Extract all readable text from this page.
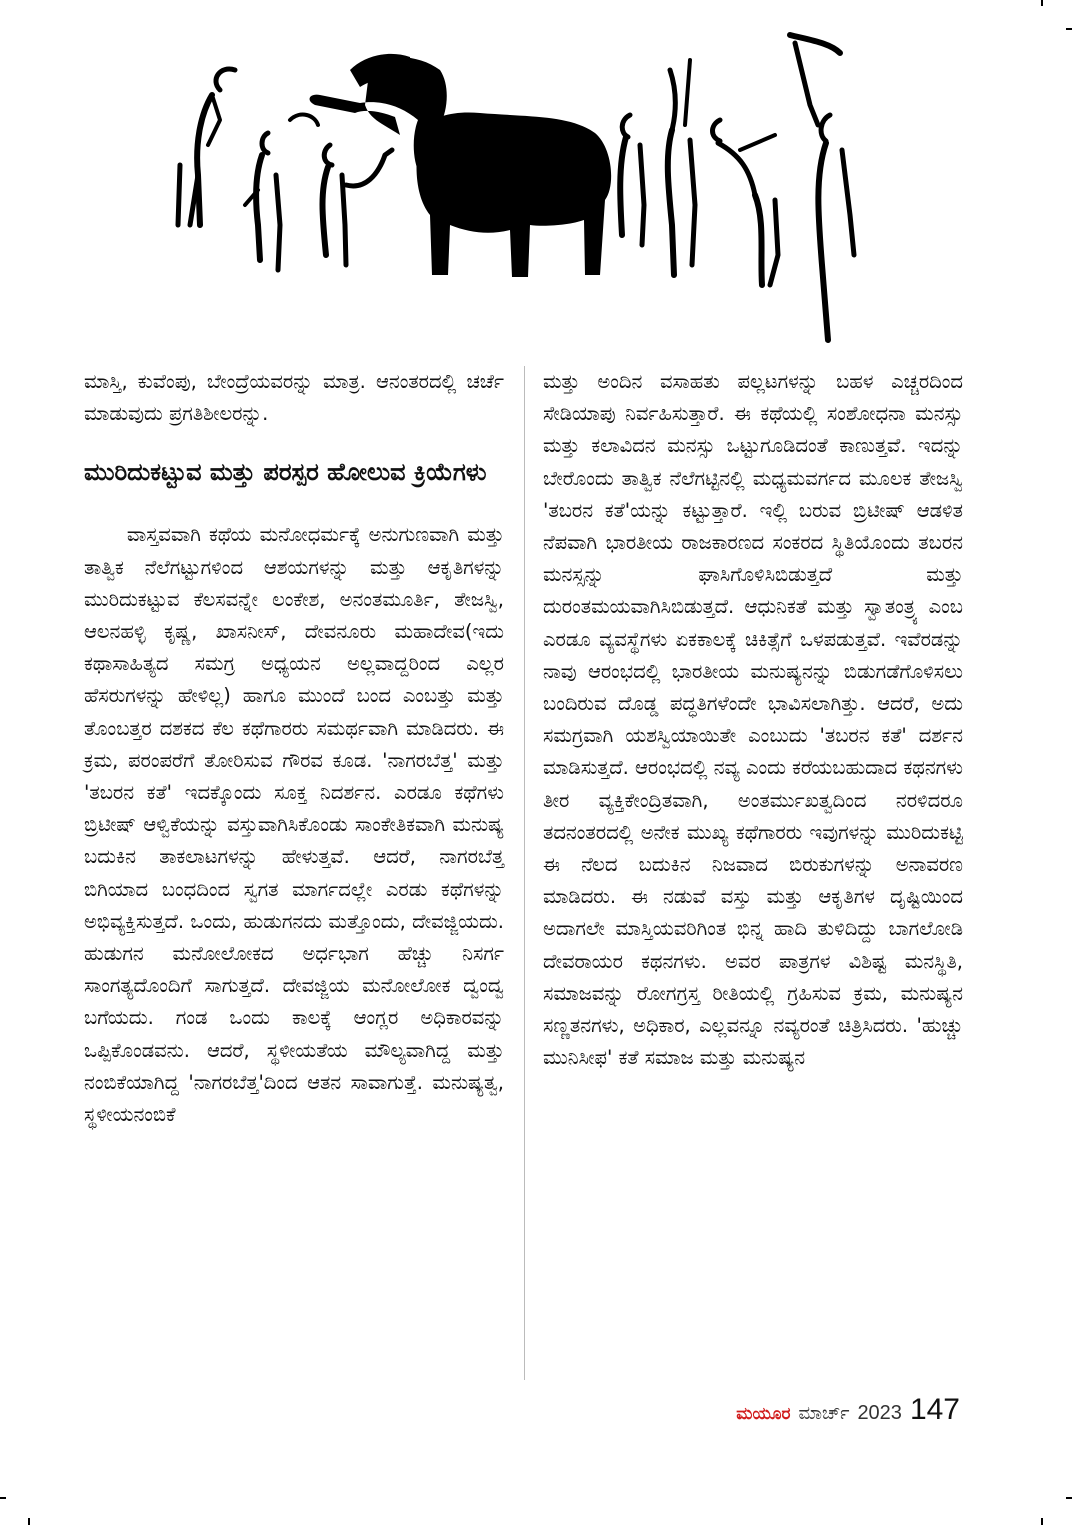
ಮಾಸ್ತಿ, ಕುವೆಂಪು, ಬೇಂದ್ರೆಯವರನ್ನು ಮಾತ್ರ. ಆನಂತರದಲ್ಲಿ ಚರ್ಚೆ ಮಾಡುವುದು ಪ್ರಗತಿಶೀಲರನ್ನು.

ಮುರಿದುಕಟ್ಟುವ ಮತ್ತು ಪರಸ್ಪರ ಹೋಲುವ ಕ್ರಿಯೆಗಳು

ವಾಸ್ತವವಾಗಿ ಕಥೆಯ ಮನೋಧರ್ಮಕ್ಕೆ ಅನುಗುಣವಾಗಿ ಮತ್ತು ತಾತ್ವಿಕ ನೆಲೆಗಟ್ಟುಗಳಿಂದ ಆಶಯಗಳನ್ನು ಮತ್ತು ಆಕೃತಿಗಳನ್ನು ಮುರಿದುಕಟ್ಟುವ ಕೆಲಸವನ್ನೇ ಲಂಕೇಶ, ಅನಂತಮೂರ್ತಿ, ತೇಜಸ್ವಿ, ಆಲನಹಳ್ಳಿ ಕೃಷ್ಣ, ಖಾಸನೀಸ್, ದೇವನೂರು ಮಹಾದೇವ(ಇದು ಕಥಾಸಾಹಿತ್ಯದ ಸಮಗ್ರ ಅಧ್ಯಯನ ಅಲ್ಲವಾದ್ದರಿಂದ ಎಲ್ಲರ ಹೆಸರುಗಳನ್ನು ಹೇಳಿಲ್ಲ) ಹಾಗೂ ಮುಂದೆ ಬಂದ ಎಂಬತ್ತು ಮತ್ತು ತೊಂಬತ್ತರ ದಶಕದ ಕೆಲ ಕಥೆಗಾರರು ಸಮರ್ಥವಾಗಿ ಮಾಡಿದರು. ಈ ಕ್ರಮ, ಪರಂಪರೆಗೆ ತೋರಿಸುವ ಗೌರವ ಕೂಡ. 'ನಾಗರಬೆತ್ತ' ಮತ್ತು 'ತಬರನ ಕತೆ' ಇದಕ್ಕೊಂದು ಸೂಕ್ತ ನಿದರ್ಶನ. ಎರಡೂ ಕಥೆಗಳು ಬ್ರಿಟೀಷ್ ಆಳ್ವಿಕೆಯನ್ನು ವಸ್ತುವಾಗಿಸಿಕೊಂಡು ಸಾಂಕೇತಿಕವಾಗಿ ಮನುಷ್ಯ ಬದುಕಿನ ತಾಕಲಾಟಗಳನ್ನು ಹೇಳುತ್ತವೆ. ಆದರೆ, ನಾಗರಬೆತ್ತ ಬಿಗಿಯಾದ ಬಂಧದಿಂದ ಸ್ವಗತ ಮಾರ್ಗದಲ್ಲೇ ಎರಡು ಕಥೆಗಳನ್ನು ಅಭಿವ್ಯಕ್ತಿಸುತ್ತದೆ. ಒಂದು, ಹುಡುಗನದು ಮತ್ತೊಂದು, ದೇವಜ್ಜಿಯದು. ಹುಡುಗನ ಮನೋಲೋಕದ ಅರ್ಧಭಾಗ ಹೆಚ್ಚು ನಿಸರ್ಗ ಸಾಂಗತ್ಯದೊಂದಿಗೆ ಸಾಗುತ್ತದೆ. ದೇವಜ್ಜಿಯ ಮನೋಲೋಕ ದ್ವಂದ್ವ ಬಗೆಯದು. ಗಂಡ ಒಂದು ಕಾಲಕ್ಕೆ ಆಂಗ್ಲರ ಅಧಿಕಾರವನ್ನು ಒಪ್ಪಿಕೊಂಡವನು. ಆದರೆ, ಸ್ಥಳೀಯತೆಯ ಮೌಲ್ಯವಾಗಿದ್ದ ಮತ್ತು ನಂಬಿಕೆಯಾಗಿದ್ದ 'ನಾಗರಬೆತ್ತ'ದಿಂದ ಆತನ ಸಾವಾಗುತ್ತೆ. ಮನುಷ್ಯತ್ವ, ಸ್ಥಳೀಯನಂಬಿಕೆ

ಮತ್ತು ಅಂದಿನ ವಸಾಹತು ಪಲ್ಲಟಗಳನ್ನು ಬಹಳ ಎಚ್ಚರದಿಂದ ಸೇಡಿಯಾಪು ನಿರ್ವಹಿಸುತ್ತಾರೆ. ಈ ಕಥೆಯಲ್ಲಿ ಸಂಶೋಧನಾ ಮನಸ್ಸು ಮತ್ತು ಕಲಾವಿದನ ಮನಸ್ಸು ಒಟ್ಟುಗೂಡಿದಂತೆ ಕಾಣುತ್ತವೆ. ಇದನ್ನು ಬೇರೊಂದು ತಾತ್ವಿಕ ನೆಲೆಗಟ್ಟಿನಲ್ಲಿ ಮಧ್ಯಮವರ್ಗದ ಮೂಲಕ ತೇಜಸ್ವಿ 'ತಬರನ ಕತೆ'ಯನ್ನು ಕಟ್ಟುತ್ತಾರೆ. ಇಲ್ಲಿ ಬರುವ ಬ್ರಿಟೀಷ್ ಆಡಳಿತ ನೆಪವಾಗಿ ಭಾರತೀಯ ರಾಜಕಾರಣದ ಸಂಕರದ ಸ್ಥಿತಿಯೊಂದು ತಬರನ ಮನಸ್ಸನ್ನು ಘಾಸಿಗೊಳಿಸಿಬಿಡುತ್ತದೆ ಮತ್ತು ದುರಂತಮಯವಾಗಿಸಿಬಿಡುತ್ತದೆ. ಆಧುನಿಕತೆ ಮತ್ತು ಸ್ವಾತಂತ್ರ್ಯ ಎಂಬ ಎರಡೂ ವ್ಯವಸ್ಥೆಗಳು ಏಕಕಾಲಕ್ಕೆ ಚಿಕಿತ್ಸೆಗೆ ಒಳಪಡುತ್ತವೆ. ಇವೆರಡನ್ನು ನಾವು ಆರಂಭದಲ್ಲಿ ಭಾರತೀಯ ಮನುಷ್ಯನನ್ನು ಬಿಡುಗಡೆಗೊಳಿಸಲು ಬಂದಿರುವ ದೊಡ್ಡ ಪದ್ಧತಿಗಳೆಂದೇ ಭಾವಿಸಲಾಗಿತ್ತು. ಆದರೆ, ಅದು ಸಮಗ್ರವಾಗಿ ಯಶಸ್ವಿಯಾಯಿತೇ ಎಂಬುದು 'ತಬರನ ಕತೆ' ದರ್ಶನ ಮಾಡಿಸುತ್ತದೆ. ಆರಂಭದಲ್ಲಿ ನವ್ಯ ಎಂದು ಕರೆಯಬಹುದಾದ ಕಥನಗಳು ತೀರ ವ್ಯಕ್ತಿಕೇಂದ್ರಿತವಾಗಿ, ಅಂತರ್ಮುಖತ್ವದಿಂದ ನರಳಿದರೂ ತದನಂತರದಲ್ಲಿ ಅನೇಕ ಮುಖ್ಯ ಕಥೆಗಾರರು ಇವುಗಳನ್ನು ಮುರಿದುಕಟ್ಟಿ ಈ ನೆಲದ ಬದುಕಿನ ನಿಜವಾದ ಬಿರುಕುಗಳನ್ನು ಅನಾವರಣ ಮಾಡಿದರು. ಈ ನಡುವೆ ವಸ್ತು ಮತ್ತು ಆಕೃತಿಗಳ ದೃಷ್ಟಿಯಿಂದ ಅದಾಗಲೇ ಮಾಸ್ತಿಯವರಿಗಿಂತ ಭಿನ್ನ ಹಾದಿ ತುಳಿದಿದ್ದು ಬಾಗಲೋಡಿ ದೇವರಾಯರ ಕಥನಗಳು. ಅವರ ಪಾತ್ರಗಳ ವಿಶಿಷ್ಟ ಮನಸ್ಥಿತಿ, ಸಮಾಜವನ್ನು ರೋಗಗ್ರಸ್ತ ರೀತಿಯಲ್ಲಿ ಗ್ರಹಿಸುವ ಕ್ರಮ, ಮನುಷ್ಯನ ಸಣ್ಣತನಗಳು, ಅಧಿಕಾರ, ಎಲ್ಲವನ್ನೂ ನವ್ಯರಂತೆ ಚಿತ್ರಿಸಿದರು. 'ಹುಚ್ಚು ಮುನಿಸೀಫ' ಕತೆ ಸಮಾಜ ಮತ್ತು ಮನುಷ್ಯನ

ಮಯೂರ ಮಾರ್ಚ್ 2023 147
